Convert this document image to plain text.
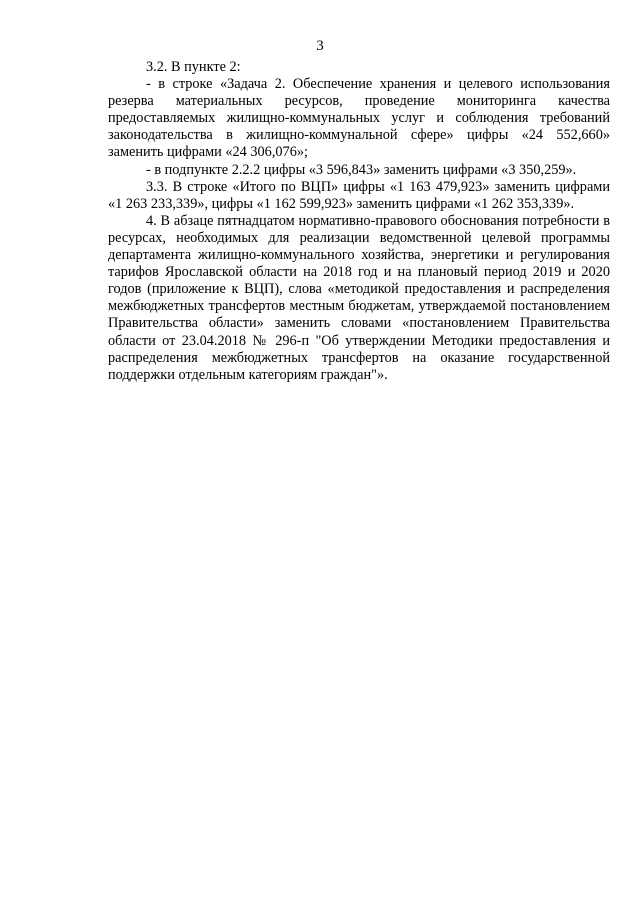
3

3.2. В пункте 2:

- в строке «Задача 2. Обеспечение хранения и целевого использования резерва материальных ресурсов, проведение мониторинга качества предоставляемых жилищно-коммунальных услуг и соблюдения требований законодательства в жилищно-коммунальной сфере» цифры «24 552,660» заменить цифрами «24 306,076»;

- в подпункте 2.2.2 цифры «3 596,843» заменить цифрами «3 350,259».

3.3. В строке «Итого по ВЦП» цифры «1 163 479,923» заменить цифрами «1 263 233,339», цифры «1 162 599,923» заменить цифрами «1 262 353,339».

4. В абзаце пятнадцатом нормативно-правового обоснования потребности в ресурсах, необходимых для реализации ведомственной целевой программы департамента жилищно-коммунального хозяйства, энергетики и регулирования тарифов Ярославской области на 2018 год и на плановый период 2019 и 2020 годов (приложение к ВЦП), слова «методикой предоставления и распределения межбюджетных трансфертов местным бюджетам, утверждаемой постановлением Правительства области» заменить словами «постановлением Правительства области от 23.04.2018 № 296-п "Об утверждении Методики предоставления и распределения межбюджетных трансфертов на оказание государственной поддержки отдельным категориям граждан"».
